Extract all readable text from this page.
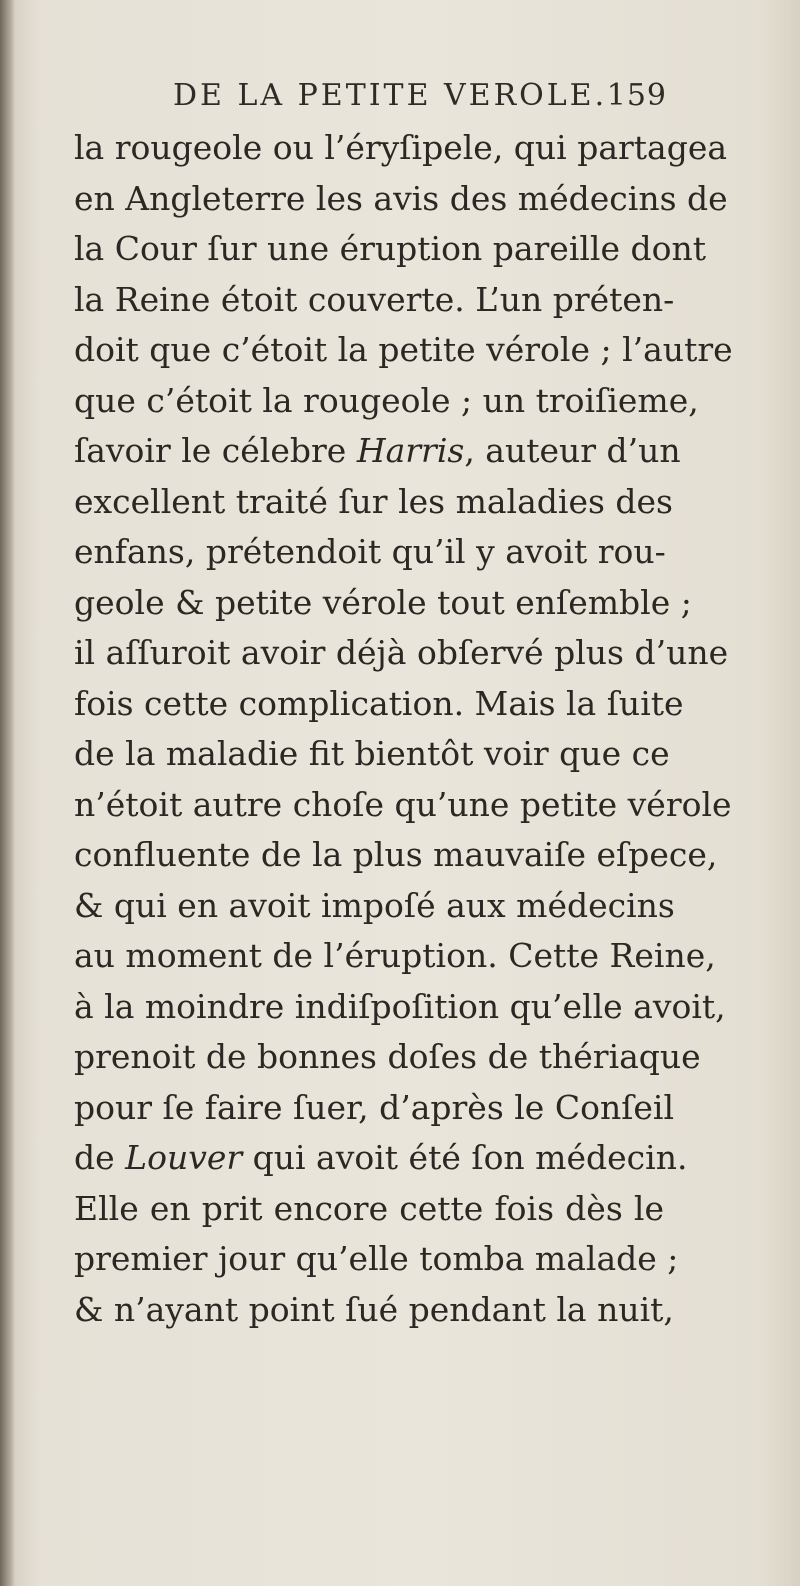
DE LA PETITE VEROLE. 159
la rougeole ou l’éryſipele, qui partagea
en Angleterre les avis des médecins de
la Cour ſur une éruption pareille dont
la Reine étoit couverte. L’un préten-
doit que c’étoit la petite vérole ; l’autre
que c’étoit la rougeole ; un troiſieme,
ſavoir le célebre Harris, auteur d’un
excellent traité ſur les maladies des
enfans, prétendoit qu’il y avoit rou-
geole & petite vérole tout enſemble ;
il aſſuroit avoir déjà obſervé plus d’une
fois cette complication. Mais la ſuite
de la maladie fit bientôt voir que ce
n’étoit autre choſe qu’une petite vérole
confluente de la plus mauvaiſe eſpece,
& qui en avoit impoſé aux médecins
au moment de l’éruption. Cette Reine,
à la moindre indiſpoſition qu’elle avoit,
prenoit de bonnes doſes de thériaque
pour ſe faire ſuer, d’après le Conſeil
de Louver qui avoit été ſon médecin.
Elle en prit encore cette fois dès le
premier jour qu’elle tomba malade ;
& n’ayant point ſué pendant la nuit,
